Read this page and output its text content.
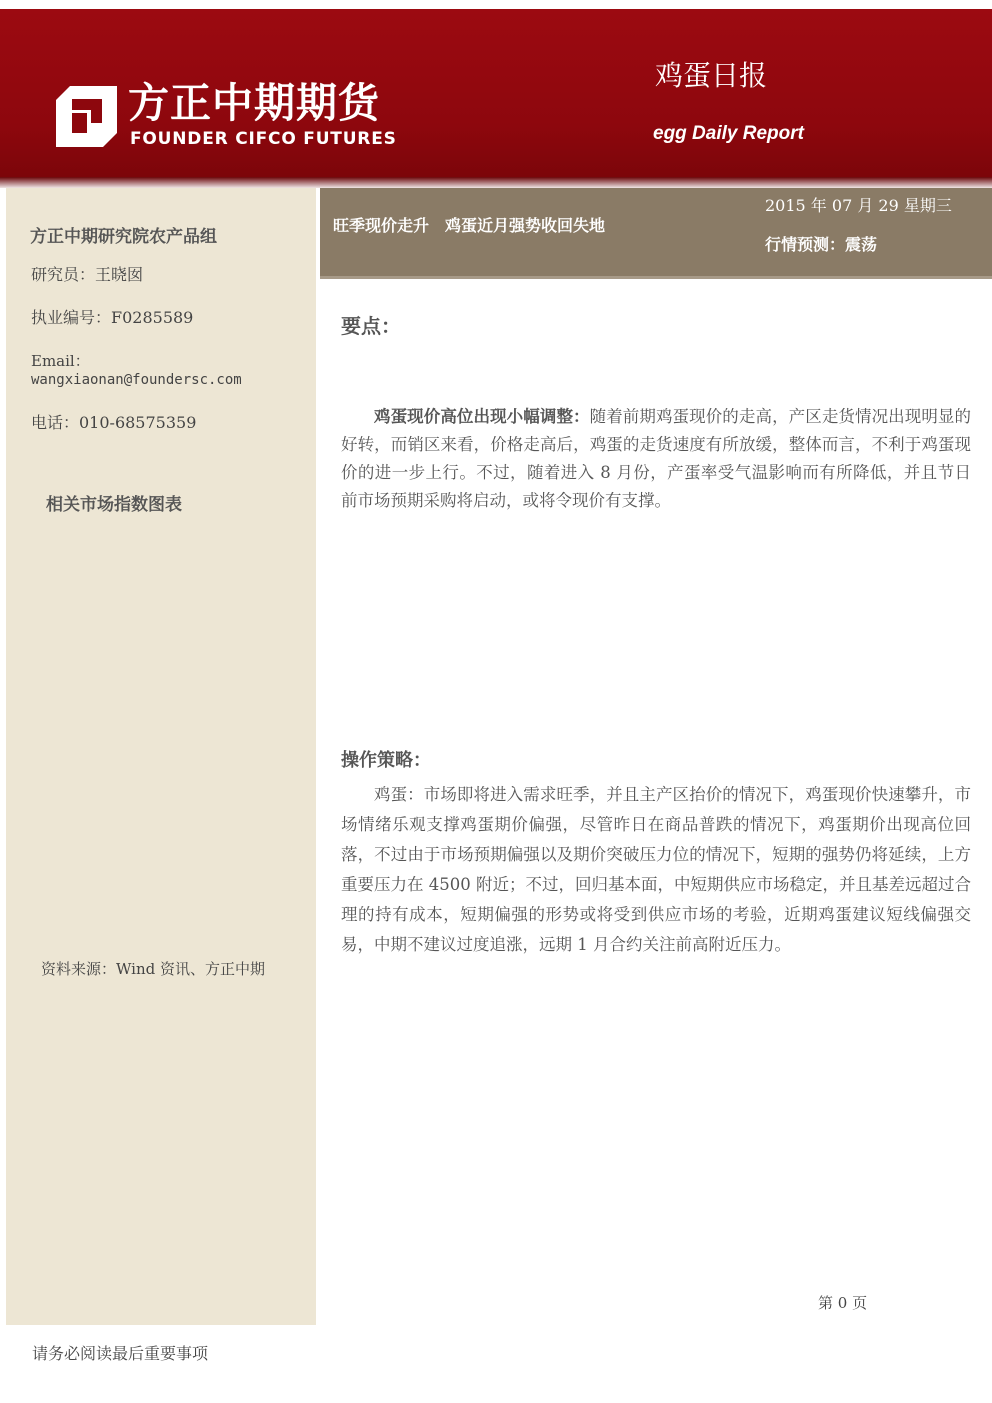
方正中期期货
FOUNDER CIFCO FUTURES
鸡蛋日报
egg Daily Report
方正中期研究院农产品组
研究员：王晓囡
执业编号：F0285589
Email：
wangxiaonan@foundersc.com
电话：010-68575359
相关市场指数图表
资料来源：Wind 资讯、方正中期
旺季现价走升　鸡蛋近月强势收回失地
2015 年 07 月 29 星期三
行情预测：震荡
要点：

鸡蛋现价高位出现小幅调整：随着前期鸡蛋现价的走高，产区走货情况出现明显的好转，而销区来看，价格走高后，鸡蛋的走货速度有所放缓，整体而言，不利于鸡蛋现价的进一步上行。不过，随着进入 8 月份，产蛋率受气温影响而有所降低，并且节日前市场预期采购将启动，或将令现价有支撑。

操作策略：

鸡蛋：市场即将进入需求旺季，并且主产区抬价的情况下，鸡蛋现价快速攀升，市场情绪乐观支撑鸡蛋期价偏强，尽管昨日在商品普跌的情况下，鸡蛋期价出现高位回落，不过由于市场预期偏强以及期价突破压力位的情况下，短期的强势仍将延续，上方重要压力在 4500 附近；不过，回归基本面，中短期供应市场稳定，并且基差远超过合理的持有成本，短期偏强的形势或将受到供应市场的考验，近期鸡蛋建议短线偏强交易，中期不建议过度追涨，远期 1 月合约关注前高附近压力。

第 0 页
请务必阅读最后重要事项
